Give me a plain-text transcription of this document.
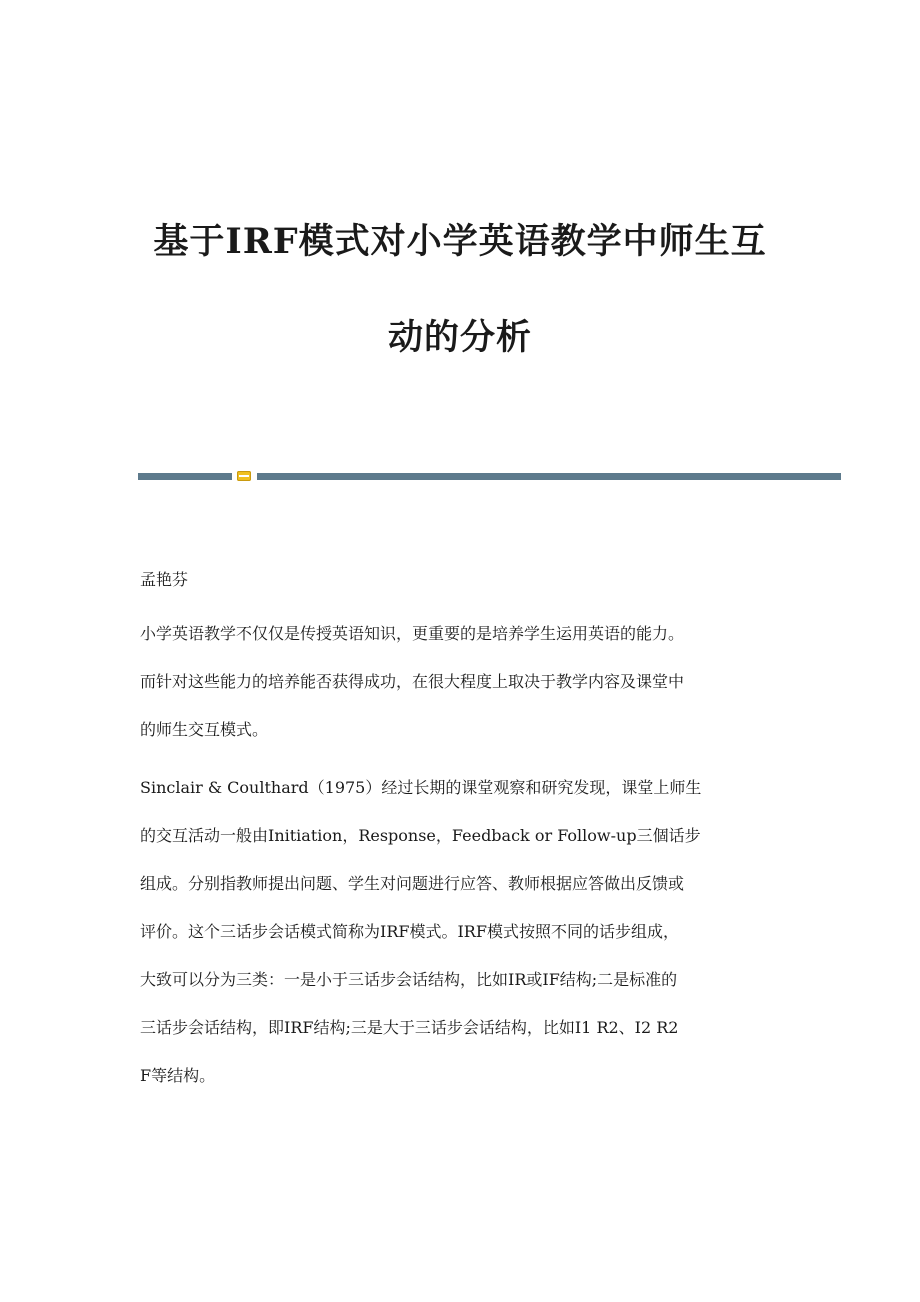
基于IRF模式对小学英语教学中师生互
动的分析
孟艳芬

小学英语教学不仅仅是传授英语知识，更重要的是培养学生运用英语的能力。

而针对这些能力的培养能否获得成功，在很大程度上取决于教学内容及课堂中

的师生交互模式。

Sinclair & Coulthard（1975）经过长期的课堂观察和研究发现，课堂上师生

的交互活动一般由Initiation，Response，Feedback or Follow-up三個话步

组成。分别指教师提出问题、学生对问题进行应答、教师根据应答做出反馈或

评价。这个三话步会话模式简称为IRF模式。IRF模式按照不同的话步组成，

大致可以分为三类：一是小于三话步会话结构，比如IR或IF结构;二是标准的

三话步会话结构，即IRF结构;三是大于三话步会话结构，比如I1 R2、I2 R2

F等结构。
